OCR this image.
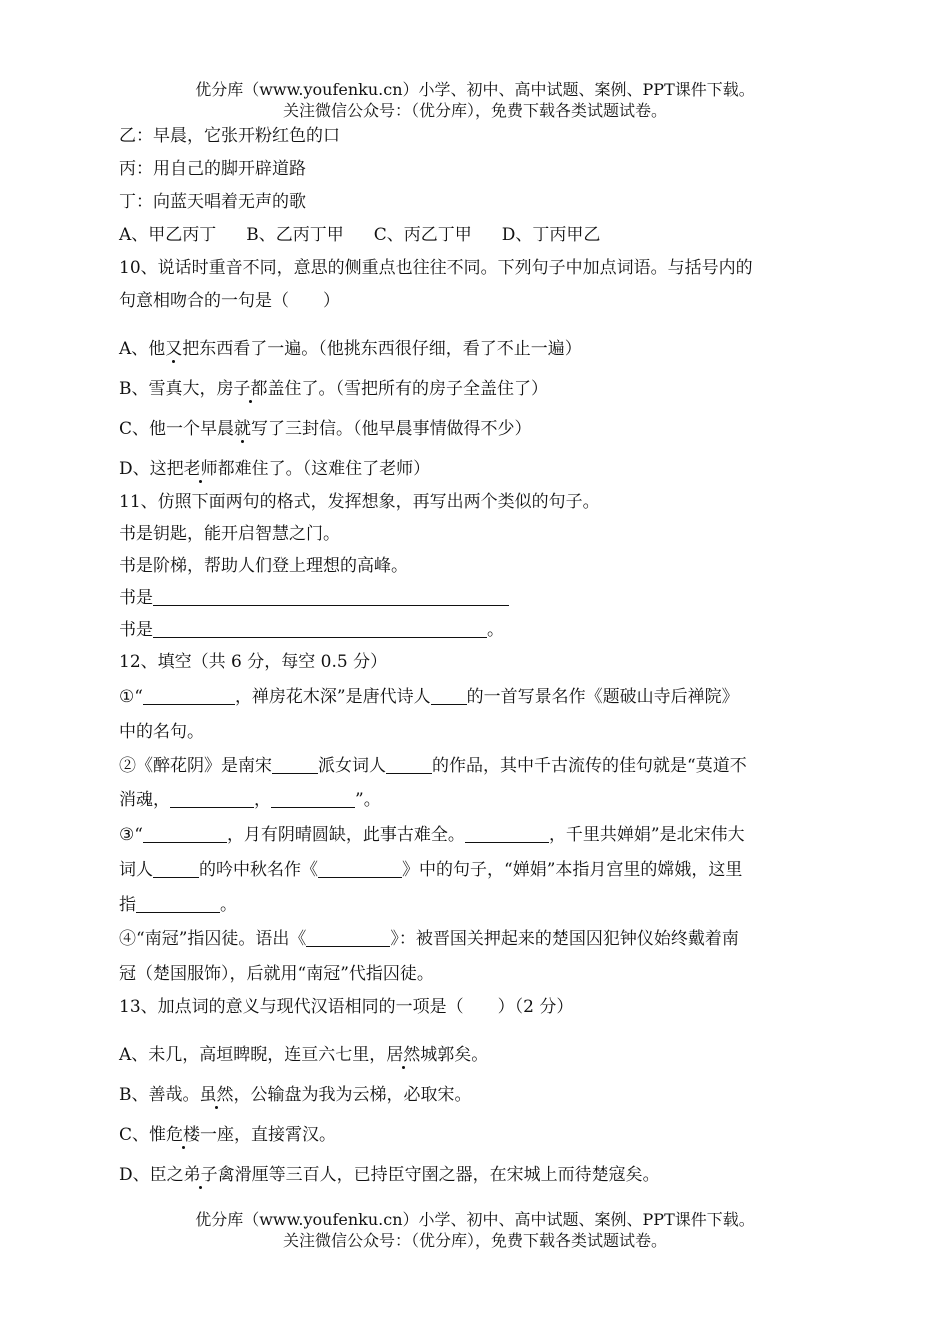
优分库（www.youfenku.cn）小学、初中、高中试题、案例、PPT课件下载。
关注微信公众号：（优分库），免费下载各类试题试卷。
乙：早晨，它张开粉红色的口
丙：用自己的脚开辟道路
丁：向蓝天唱着无声的歌
A、甲乙丙丁 B、乙丙丁甲 C、丙乙丁甲 D、丁丙甲乙
10、说话时重音不同，意思的侧重点也往往不同。下列句子中加点词语。与括号内的
句意相吻合的一句是（　　）
A、他又把东西看了一遍。（他挑东西很仔细，看了不止一遍）
B、雪真大，房子都盖住了。（雪把所有的房子全盖住了）
C、他一个早晨就写了三封信。（他早晨事情做得不少）
D、这把老师都难住了。（这难住了老师）
11、仿照下面两句的格式，发挥想象，再写出两个类似的句子。
书是钥匙，能开启智慧之门。
书是阶梯，帮助人们登上理想的高峰。
书是
书是	。
12、填空（共 6 分，每空 0.5 分）
①“	，禅房花木深”是唐代诗人 的一首写景名作《题破山寺后禅院》
中的名句。
②《醉花阴》是南宋	派女词人	的作品，其中千古流传的佳句就是“莫道不
消魂，	，	”。
③“	，月有阴晴圆缺，此事古难全。	，千里共婵娟”是北宋伟大
词人	的吟中秋名作《	》中的句子，“婵娟”本指月宫里的嫦娥，这里
指	。
④“南冠”指囚徒。语出《	》：被晋国关押起来的楚国囚犯钟仪始终戴着南
冠（楚国服饰），后就用“南冠”代指囚徒。
13、加点词的意义与现代汉语相同的一项是（　　）（2 分）
A、未几，高垣睥睨，连亘六七里，居然城郭矣。
B、善哉。虽然，公输盘为我为云梯，必取宋。
C、惟危楼一座，直接霄汉。
D、臣之弟子禽滑厘等三百人，已持臣守圉之器，在宋城上而待楚寇矣。
优分库（www.youfenku.cn）小学、初中、高中试题、案例、PPT课件下载。
关注微信公众号：（优分库），免费下载各类试题试卷。
